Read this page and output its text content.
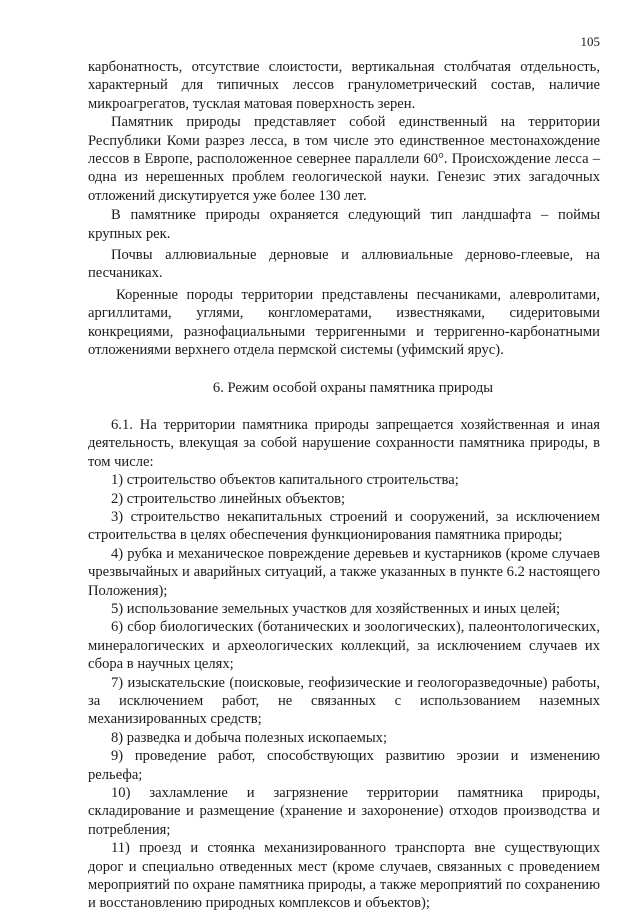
105

карбонатность, отсутствие слоистости, вертикальная столбчатая отдельность, характерный для типичных лессов гранулометрический состав, наличие микроагрегатов, тусклая матовая поверхность зерен.

Памятник природы представляет собой единственный на территории Республики Коми разрез лесса, в том числе это единственное местонахождение лессов в Европе, расположенное севернее параллели 60°. Происхождение лесса – одна из нерешенных проблем геологической науки. Генезис этих загадочных отложений дискутируется уже более 130 лет.

В памятнике природы охраняется следующий тип ландшафта – поймы крупных рек.

Почвы аллювиальные дерновые и аллювиальные дерново-глеевые, на песчаниках.

Коренные породы территории представлены песчаниками, алевролитами, аргиллитами, углями, конгломератами, известняками, сидеритовыми конкрециями, разнофациальными терригенными и терригенно-карбонатными отложениями верхнего отдела пермской системы (уфимский ярус).

6. Режим особой охраны памятника природы

6.1. На территории памятника природы запрещается хозяйственная и иная деятельность, влекущая за собой нарушение сохранности памятника природы, в том числе:

1) строительство объектов капитального строительства;

2) строительство линейных объектов;

3) строительство некапитальных строений и сооружений, за исключением строительства в целях обеспечения функционирования памятника природы;

4) рубка и механическое повреждение деревьев и кустарников (кроме случаев чрезвычайных и аварийных ситуаций, а также указанных в пункте 6.2 настоящего Положения);

5) использование земельных участков для хозяйственных и иных целей;

6) сбор биологических (ботанических и зоологических), палеонтологических, минералогических и археологических коллекций, за исключением случаев их сбора в научных целях;

7) изыскательские (поисковые, геофизические и геологоразведочные) работы, за исключением работ, не связанных с использованием наземных механизированных средств;

8) разведка и добыча полезных ископаемых;

9) проведение работ, способствующих развитию эрозии и изменению рельефа;

10) захламление и загрязнение территории памятника природы, складирование и размещение (хранение и захоронение) отходов производства и потребления;

11) проезд и стоянка механизированного транспорта вне существующих дорог и специально отведенных мест (кроме случаев, связанных с проведением мероприятий по охране памятника природы, а также мероприятий по сохранению и восстановлению природных комплексов и объектов);
